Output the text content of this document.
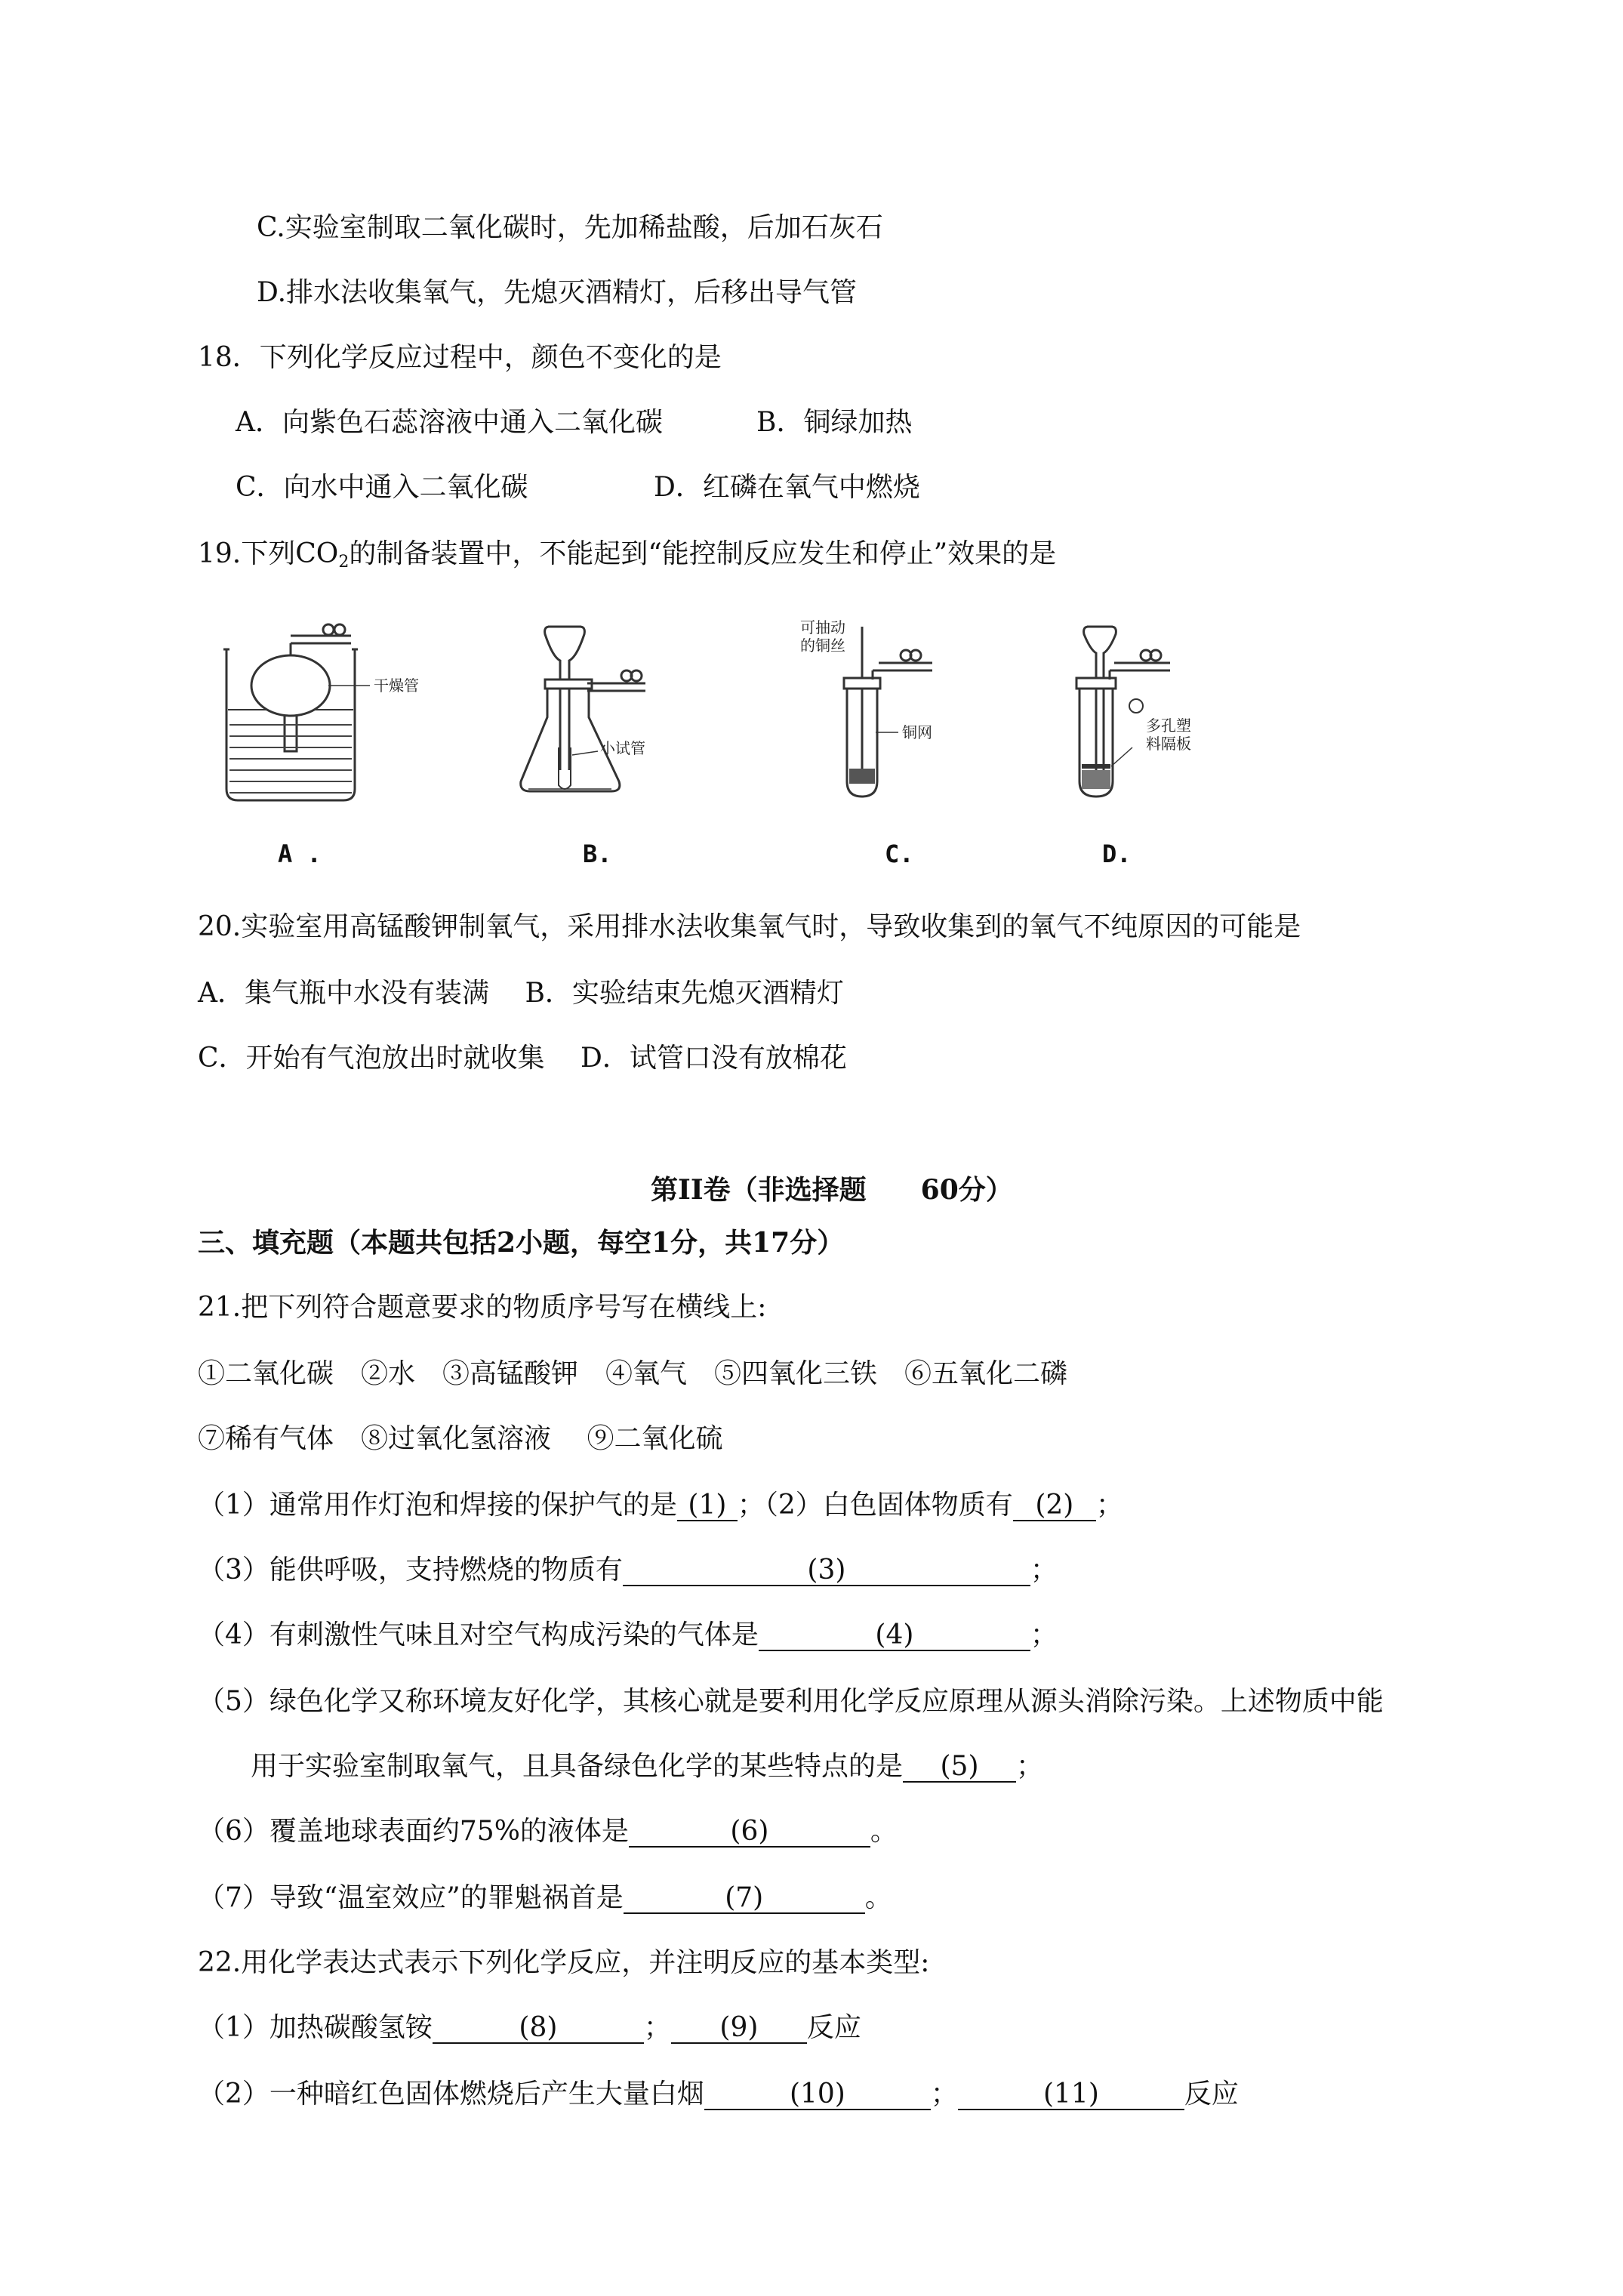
C.实验室制取二氧化碳时，先加稀盐酸，后加石灰石
D.排水法收集氧气，先熄灭酒精灯，后移出导气管
18．下列化学反应过程中，颜色不变化的是
A．向紫色石蕊溶液中通入二氧化碳	B．铜绿加热
C．向水中通入二氧化碳	D．红磷在氧气中燃烧
19.下列$CO_2$的制备装置中，不能起到“能控制反应发生和停止”效果的是
干燥管
小试管
可抽动
的铜丝
铜网	多孔塑
料隔板
A .	B.	C.	D.
20.实验室用高锰酸钾制氧气，采用排水法收集氧气时，导致收集到的氧气不纯原因的可能是
A．集气瓶中水没有装满　 B．实验结束先熄灭酒精灯
C．开始有气泡放出时就收集　 D．试管口没有放棉花
第II卷（非选择题　　60分）
三、填充题（本题共包括2小题，每空1分，共17分）
21.把下列符合题意要求的物质序号写在横线上:
①二氧化碳　②水　③高锰酸钾　④氧气　⑤四氧化三铁　⑥五氧化二磷
⑦稀有气体　⑧过氧化氢溶液　 ⑨二氧化硫
（1）通常用作灯泡和焊接的保护气的是 (1) ；（2）白色固体物质有 (2) ；
（3）能供呼吸，支持燃烧的物质有	(3)	；
（4）有刺激性气味且对空气构成污染的气体是	(4)	；
（5）绿色化学又称环境友好化学，其核心就是要利用化学反应原理从源头消除污染。上述物质中能
用于实验室制取氧气，且具备绿色化学的某些特点的是 (5) ；
（6）覆盖地球表面约75%的液体是	(6)	。
（7）导致“温室效应”的罪魁祸首是	(7)	。
22.用化学表达式表示下列化学反应，并注明反应的基本类型:
（1）加热碳酸氢铵	(8)	； (9) 反应
（2）一种暗红色固体燃烧后产生大量白烟	(10)	；	(11)	反应
